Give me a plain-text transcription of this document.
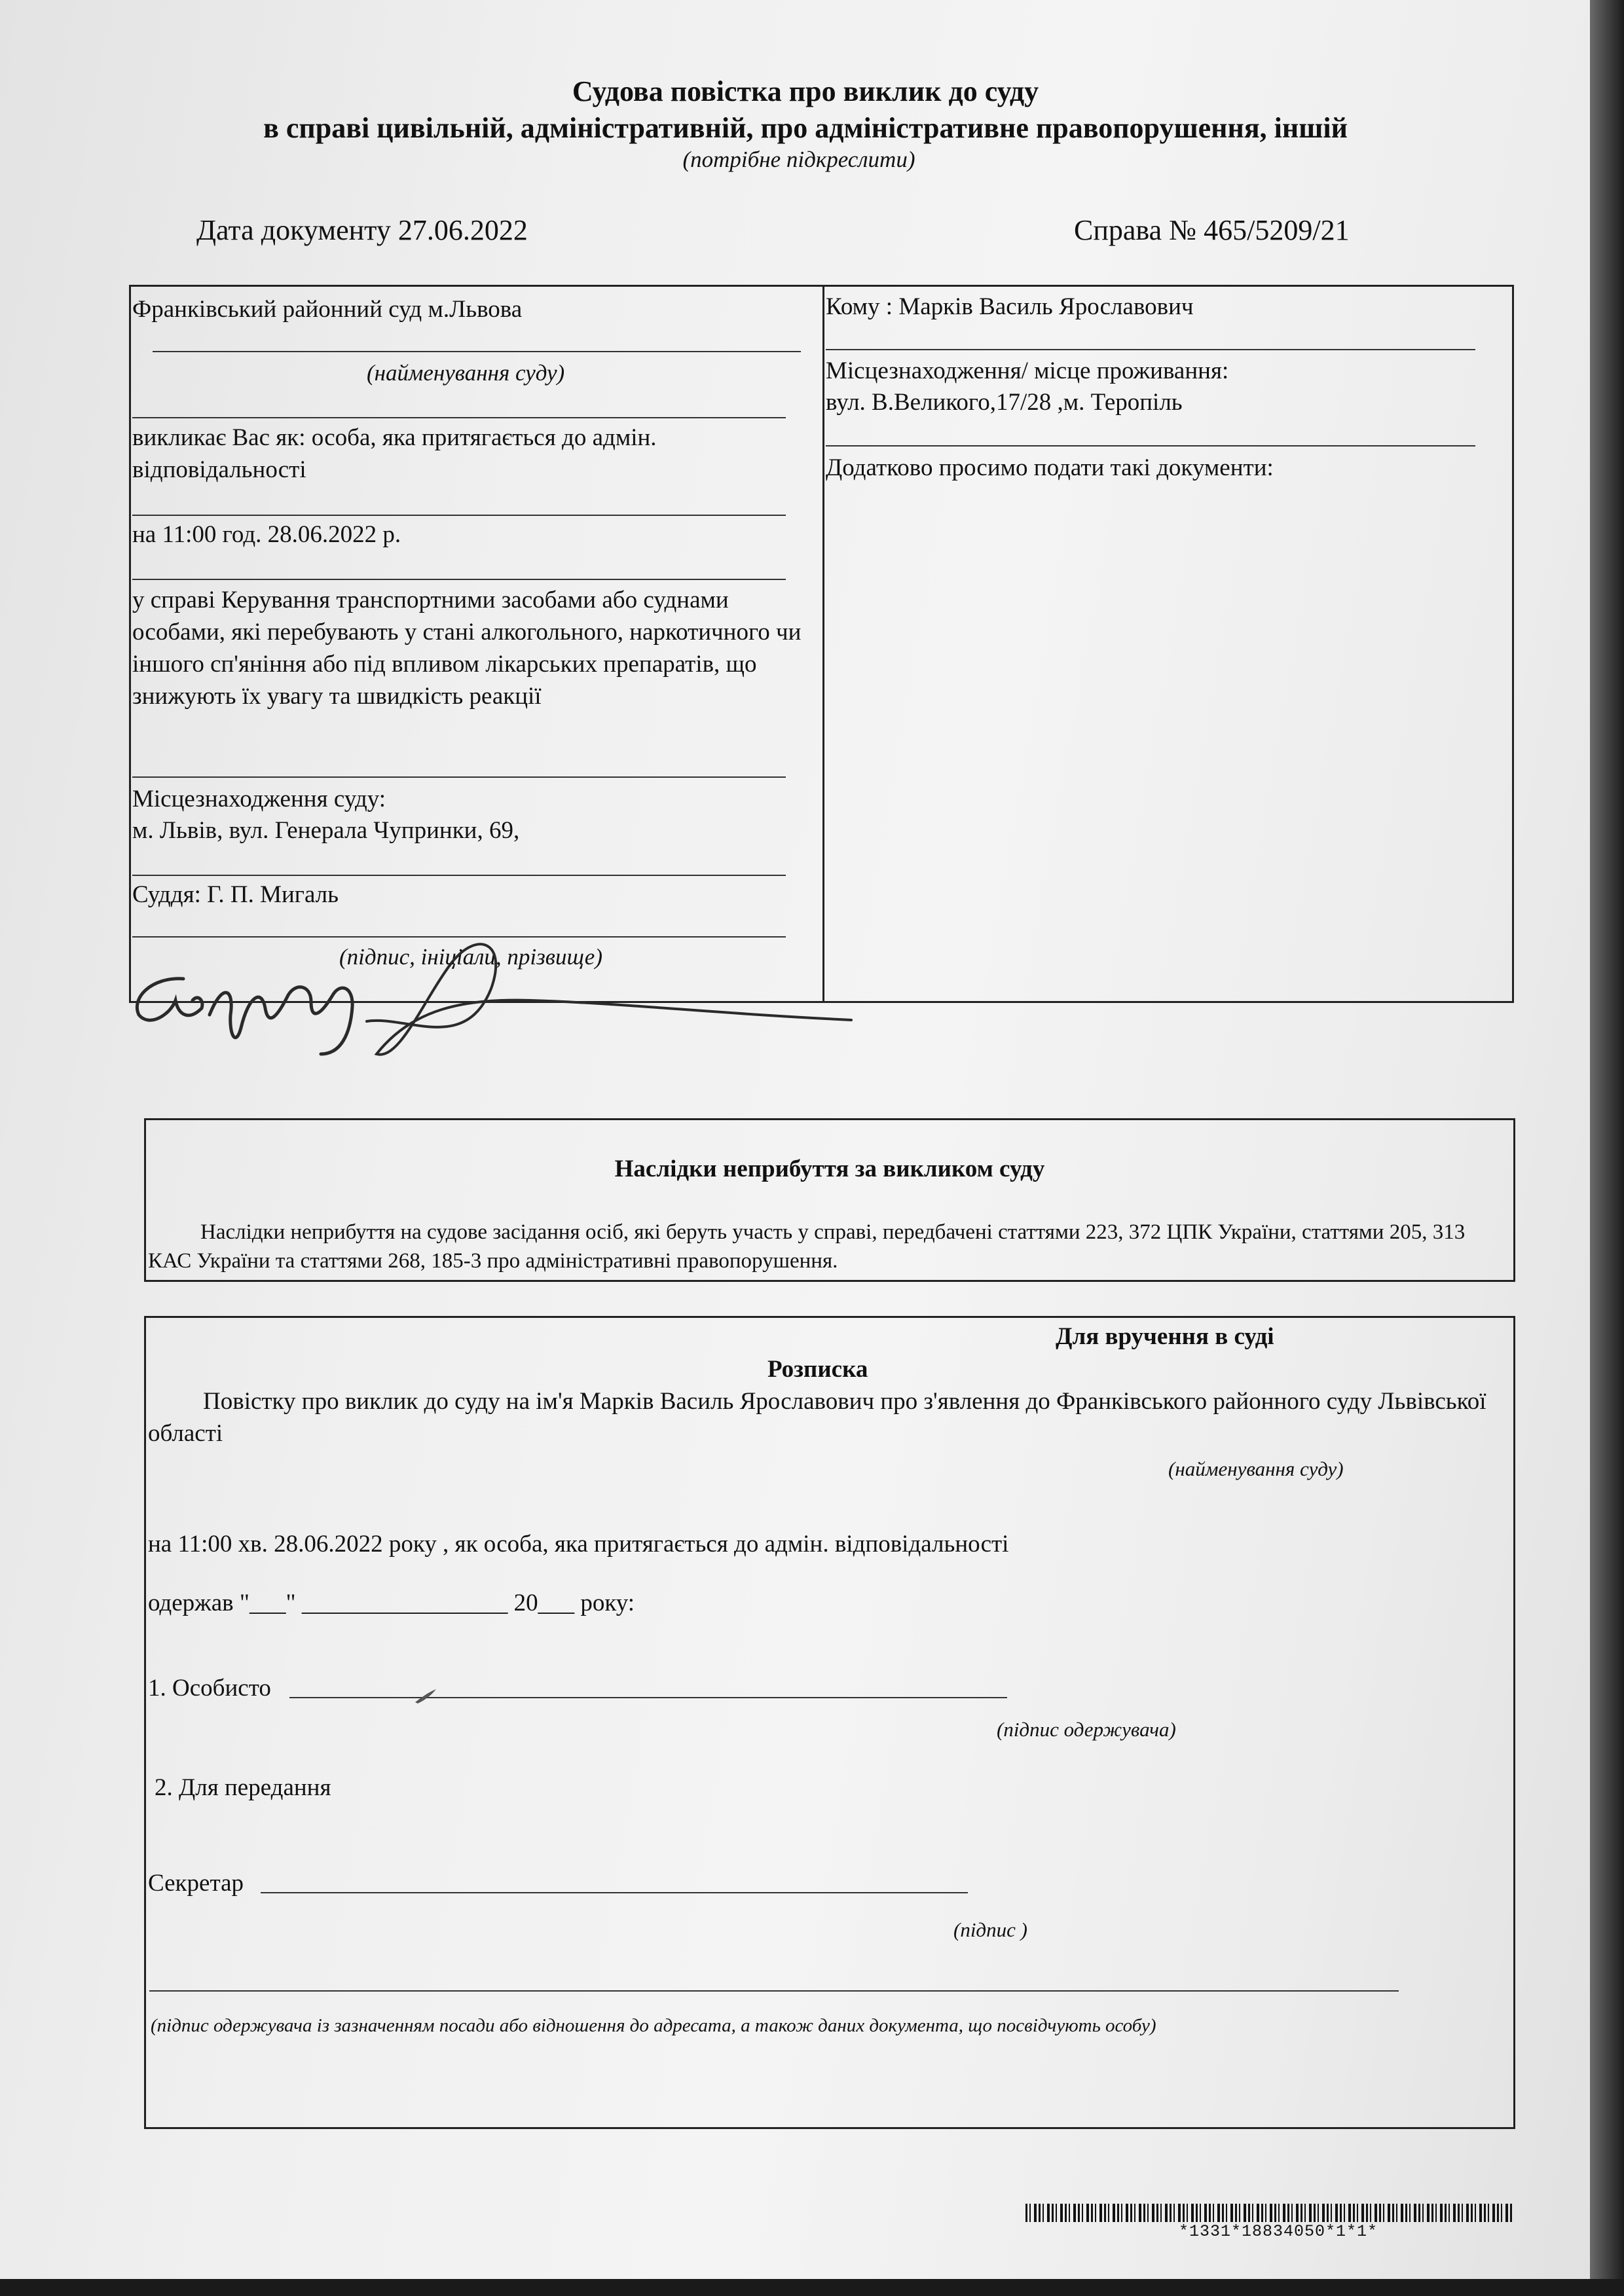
Судова повістка про виклик до суду
в справі цивільній, адміністративній, про адміністративне правопорушення, іншій
(потрібне підкреслити)
Дата документу 27.06.2022	Справа № 465/5209/21
Франківський районний суд м.Львова
(найменування суду)
викликає Вас як: особа, яка притягається до адмін. відповідальності
на 11:00 год. 28.06.2022 р.
у справі Керування транспортними засобами або суднами особами, які перебувають у стані алкогольного, наркотичного чи іншого сп'яніння або під впливом лікарських препаратів, що знижують їх увагу та швидкість реакції
Місцезнаходження суду:
м. Львів, вул. Генерала Чупринки, 69,
Суддя: Г. П. Мигаль
(підпис, ініціали, прізвище)
Кому : Марків Василь Ярославович
Місцезнаходження/ місце проживання:
вул. В.Великого,17/28 ,м. Теропіль
Додатково просимо подати такі документи:
Наслідки неприбуття за викликом суду
Наслідки неприбуття на судове засідання осіб, які беруть участь у справі, передбачені статтями 223, 372 ЦПК України, статтями 205, 313 КАС України та статтями 268, 185-3 про адміністративні правопорушення.
Для вручення в суді
Розписка
Повістку про виклик до суду на ім'я Марків Василь Ярославович про з'явлення до Франківського районного суду Львівської області
(найменування суду)
на 11:00 хв. 28.06.2022 року , як особа, яка притягається до адмін. відповідальності
одержав "___" _________________ 20___ року:
1. Особисто
(підпис одержувача)
2. Для передання
Секретар
(підпис )
(підпис одержувача із зазначенням посади або відношення до адресата, а також даних документа, що посвідчують особу)
*1331*18834050*1*1*
